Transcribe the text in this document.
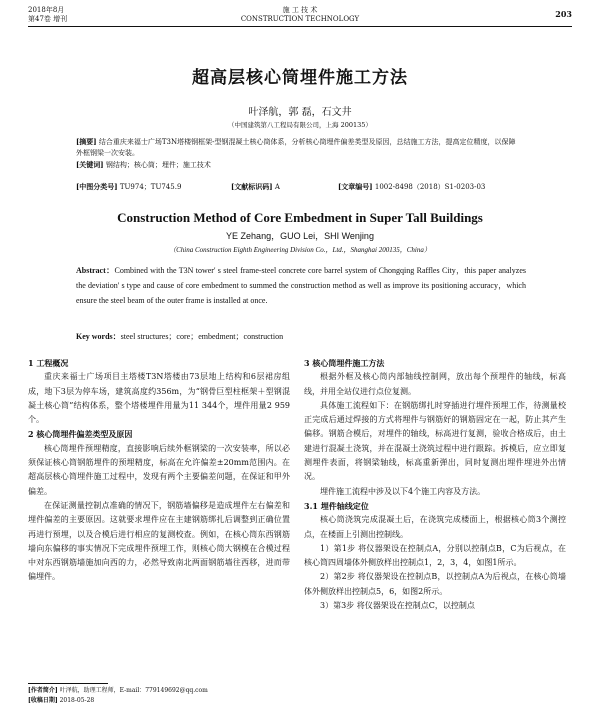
2018年8月
第47卷 增刊
施 工 技 术
CONSTRUCTION TECHNOLOGY	203
超高层核心筒埋件施工方法
叶泽航，郭 磊，石文井
（中国建筑第八工程局有限公司，上海 200135）
[摘要] 结合重庆来福士广场T3N塔楼钢框架-型钢混凝土核心筒体系，分析核心筒埋件偏差类型及原因，总结施工方法，提高定位精度，以保障外框钢梁一次安装。
[关键词] 钢结构；核心筒；埋件；施工技术
[中图分类号] TU974；TU745.9	[文献标识码] A	[文章编号] 1002-8498（2018）S1-0203-03
Construction Method of Core Embedment in Super Tall Buildings
YE Zehang，GUO Lei，SHI Wenjing
（China Construction Eighth Engineering Division Co.，Ltd.，Shanghai 200135，China）
Abstract：Combined with the T3N tower' s steel frame-steel concrete core barrel system of Chongqing Raffles City，this paper analyzes the deviation' s type and cause of core embedment to summed the construction method as well as improve its positioning accuracy，which ensure the steel beam of the outer frame is installed at once.
Key words：steel structures；core；embedment；construction
1 工程概况

重庆来福士广场项目主塔楼T3N塔楼由73层地上结构和6层裙房组成，地下3层为停车场，建筑高度约356m，为“钢骨巨型柱框架＋型钢混凝土核心筒”结构体系，整个塔楼埋件用量为11 344个，埋件用量2 959个。

2 核心筒埋件偏差类型及原因

核心筒埋件预埋精度，直接影响后续外框钢梁的一次安装率，所以必须保证核心筒钢筋埋件的预埋精度，标高在允许偏差±20mm范围内。在超高层核心筒埋件施工过程中，发现有两个主要偏差问题，在保证和甲外偏差。

在保证测量控制点准确的情况下，钢筋墙偏移是造成埋件左右偏差和埋件偏差的主要原因。这就要求埋件应在主建钢筋绑扎后调整到正确位置再进行预埋，以及合模后进行相应的复测校查。例如，在核心筒东西钢筋墙向东偏移的事实情况下完成埋件预埋工作，则核心筒大钢模在合模过程中对东西钢筋墙施加向西的力，必然导致南北两面钢筋墙往西移，进而带偏埋件。

3 核心筒埋件施工方法

根据外框及核心筒内部轴线控制网，放出每个预埋件的轴线，标高线，并用全站仪进行点位复测。

具体施工流程如下：在钢筋绑扎时穿插进行埋件预埋工作，待测量校正完成后通过焊接的方式将埋件与钢筋好的钢筋固定在一起，防止其产生偏移。钢筋合模后，对埋件的轴线，标高进行复测，验收合格成后，由土建进行混凝土浇筑，并在混凝土浇筑过程中进行跟踪。拆模后，应立即复测埋件表面，将钢梁轴线，标高重新弹出，同时复测出埋件埋进外出情况。

埋件施工流程中涉及以下4个施工内容及方法。

3.1 埋件轴线定位

核心筒浇筑完成混凝土后，在浇筑完成楼面上，根据核心筒3个测控点，在楼面上引测出控制线。

1）第1步 将仪器架设在控制点A，分别以控制点B，C为后视点，在核心筒四周墙体外侧放样出控制点1，2，3，4，如图1所示。

2）第2步 将仪器架设在控制点B，以控制点A为后视点，在核心筒墙体外侧放样出控制点5，6，如图2所示。

3）第3步 将仪器架设在控制点C，以控制点

[作者简介] 叶泽航，助理工程师，E-mail：779149692@qq.com
[收稿日期] 2018-05-28
